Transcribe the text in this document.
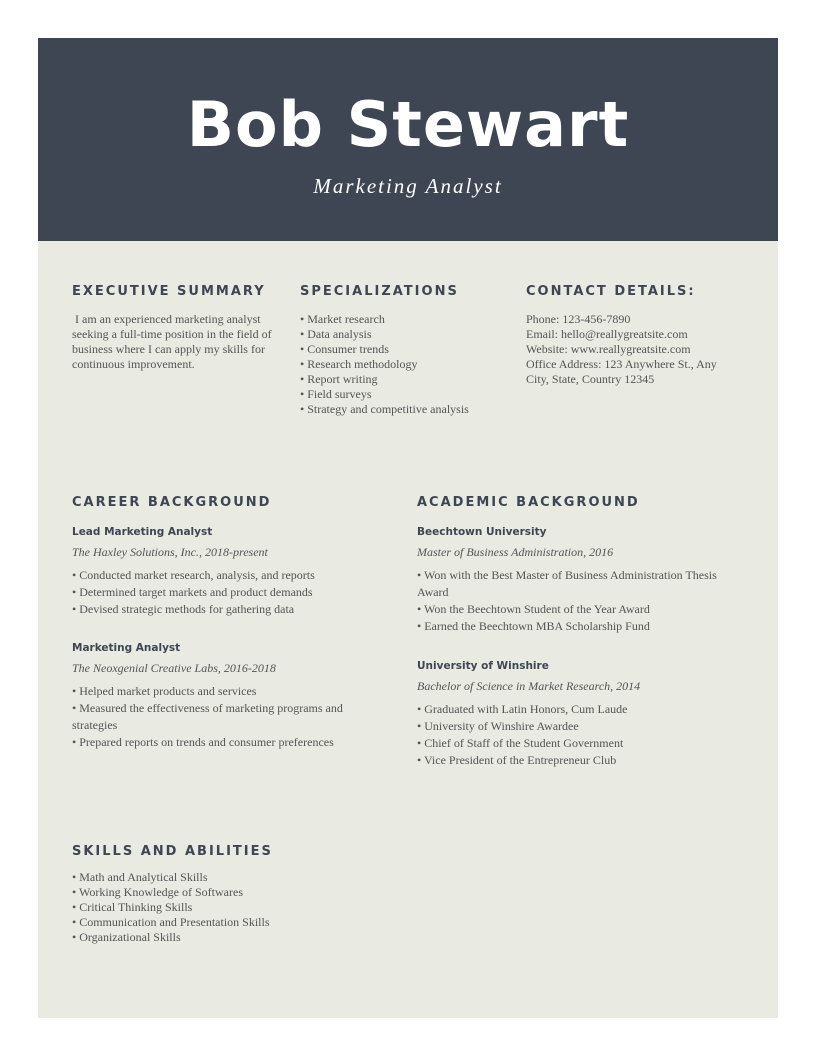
Bob Stewart
Marketing Analyst
EXECUTIVE SUMMARY
I am an experienced marketing analyst
seeking a full-time position in the field of
business where I can apply my skills for
continuous improvement.
SPECIALIZATIONS
• Market research
• Data analysis
• Consumer trends
• Research methodology
• Report writing
• Field surveys
• Strategy and competitive analysis
CONTACT DETAILS:
Phone: 123-456-7890
Email: hello@reallygreatsite.com
Website: www.reallygreatsite.com
Office Address: 123 Anywhere St., Any
City, State, Country 12345
CAREER BACKGROUND
Lead Marketing Analyst
The Haxley Solutions, Inc., 2018-present
• Conducted market research, analysis, and reports
• Determined target markets and product demands
• Devised strategic methods for gathering data
Marketing Analyst
The Neoxgenial Creative Labs, 2016-2018
• Helped market products and services
• Measured the effectiveness of marketing programs and strategies
• Prepared reports on trends and consumer preferences
ACADEMIC BACKGROUND
Beechtown University
Master of Business Administration, 2016
• Won with the Best Master of Business Administration Thesis Award
• Won the Beechtown Student of the Year Award
• Earned the Beechtown MBA Scholarship Fund
University of Winshire
Bachelor of Science in Market Research, 2014
• Graduated with Latin Honors, Cum Laude
• University of Winshire Awardee
• Chief of Staff of the Student Government
• Vice President of the Entrepreneur Club
SKILLS AND ABILITIES
• Math and Analytical Skills
• Working Knowledge of Softwares
• Critical Thinking Skills
• Communication and Presentation Skills
• Organizational Skills
